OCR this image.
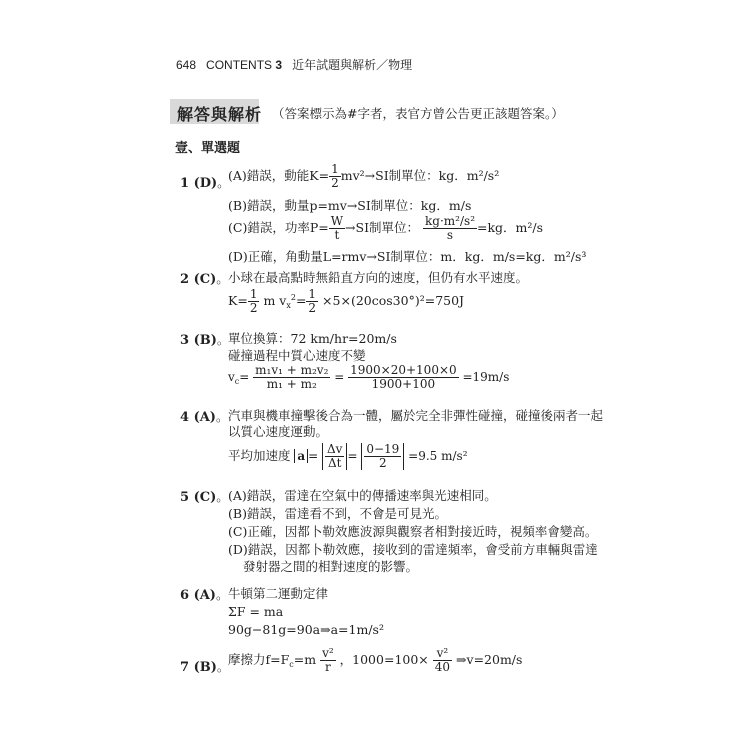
648 CONTENTS 3 近年試題與解析／物理
解答與解析 （答案標示為#字者，表官方曾公告更正該題答案。）
壹、單選題
1 (D)。
(A)錯誤，動能$K= \frac{1}{2} mv^2\to SI$制單位：kg．m²/s²
(B)錯誤，動量p=mv→SI制單位：kg．m/s
(C)錯誤，功率$P= \frac{W}{t} \to SI$制單位： $\frac{\text{kg·m²/s²}}{s} =kg$．m²/s
(D)正確，角動量L=rmv→SI制單位：m．kg．m/s=kg．m²/s³
2 (C)。 小球在最高點時無鉛直方向的速度，但仍有水平速度。
$K= \frac{1}{2}$ m $v_x^2= \frac{1}{2} \times 5\times(20\cos 30^\circ)^2=750J$
3 (B)。
單位換算：72 km/hr=20m/s
碰撞過程中質心速度不變
$v_c= \frac{\text{m₁v₁ + m₂v₂}}{\text{m₁ + m₂}} = \frac{1900\times 20+100\times 0}{1900+100} =19m/s$
4 (A)。 汽車與機車撞擊後合為一體，屬於完全非彈性碰撞，碰撞後兩者一起
以質心速度運動。
平均加速度 $a = \frac{\Delta v}{\Delta t} = \frac{0-19}{2} =9.5$ m/s²
5 (C)。 (A)錯誤，雷達在空氣中的傳播速率與光速相同。
(B)錯誤，雷達看不到，不會是可見光。
(C)正確，因都卜勒效應波源與觀察者相對接近時，視頻率會變高。
(D)錯誤，因都卜勒效應，接收到的雷達頻率，會受前方車輛與雷達
發射器之間的相對速度的影響。
6 (A)。 牛頓第二運動定律
ΣF = ma
90g−81g=90a⇒a=1m/s²
7 (B)。
摩擦力$f=F_c=m \frac{\text{v²}}{r}$ ，$1000=100\times \frac{\text{v²}}{40}$ ⇒v=20m/s
